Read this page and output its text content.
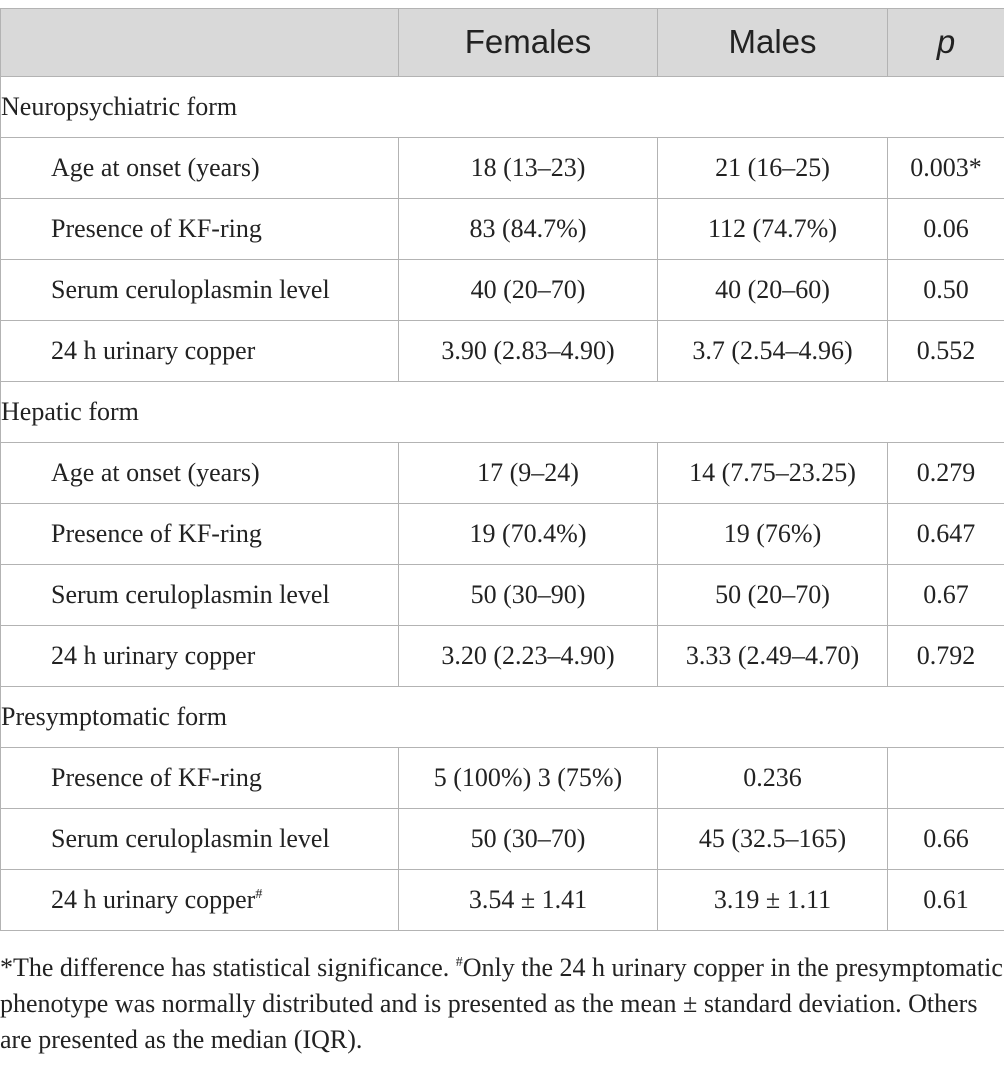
	Females	Males	p
Neuropsychiatric form			
Age at onset (years)	18 (13–23)	21 (16–25)	0.003*
Presence of KF-ring	83 (84.7%)	112 (74.7%)	0.06
Serum ceruloplasmin level	40 (20–70)	40 (20–60)	0.50
24 h urinary copper	3.90 (2.83–4.90)	3.7 (2.54–4.96)	0.552
Hepatic form			
Age at onset (years)	17 (9–24)	14 (7.75–23.25)	0.279
Presence of KF-ring	19 (70.4%)	19 (76%)	0.647
Serum ceruloplasmin level	50 (30–90)	50 (20–70)	0.67
24 h urinary copper	3.20 (2.23–4.90)	3.33 (2.49–4.70)	0.792
Presymptomatic form			
Presence of KF-ring	5 (100%) 3 (75%)	0.236	
Serum ceruloplasmin level	50 (30–70)	45 (32.5–165)	0.66
24 h urinary copper#	3.54 ± 1.41	3.19 ± 1.11	0.61

*The difference has statistical significance. #Only the 24 h urinary copper in the presymptomatic phenotype was normally distributed and is presented as the mean ± standard deviation. Others are presented as the median (IQR).
